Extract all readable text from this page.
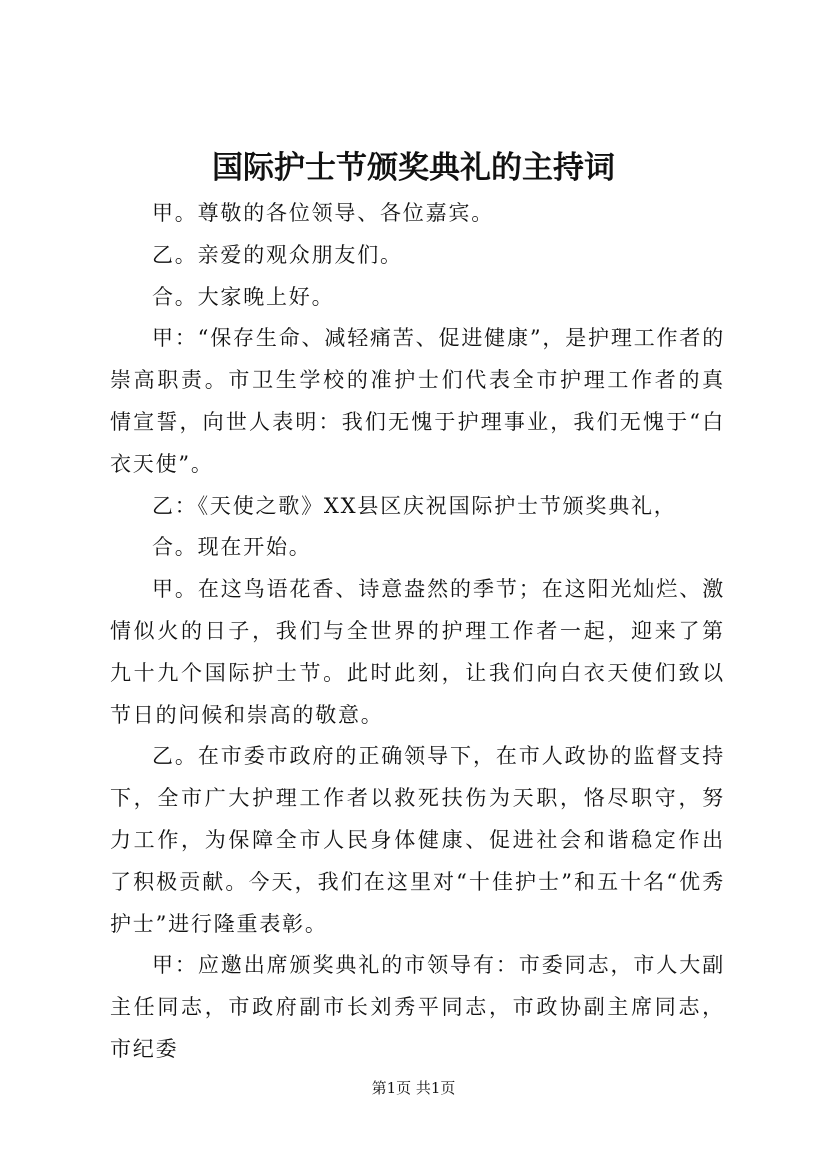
国际护士节颁奖典礼的主持词

甲。尊敬的各位领导、各位嘉宾。

乙。亲爱的观众朋友们。

合。大家晚上好。

甲：“保存生命、减轻痛苦、促进健康”，是护理工作者的崇高职责。市卫生学校的准护士们代表全市护理工作者的真情宣誓，向世人表明：我们无愧于护理事业，我们无愧于“白衣天使”。

乙：《天使之歌》XX县区庆祝国际护士节颁奖典礼，

合。现在开始。

甲。在这鸟语花香、诗意盎然的季节；在这阳光灿烂、激情似火的日子，我们与全世界的护理工作者一起，迎来了第九十九个国际护士节。此时此刻，让我们向白衣天使们致以节日的问候和崇高的敬意。

乙。在市委市政府的正确领导下，在市人政协的监督支持下，全市广大护理工作者以救死扶伤为天职，恪尽职守，努力工作，为保障全市人民身体健康、促进社会和谐稳定作出了积极贡献。今天，我们在这里对“十佳护士”和五十名“优秀护士”进行隆重表彰。

甲：应邀出席颁奖典礼的市领导有：市委同志，市人大副主任同志，市政府副市长刘秀平同志，市政协副主席同志，市纪委

第1页 共1页
